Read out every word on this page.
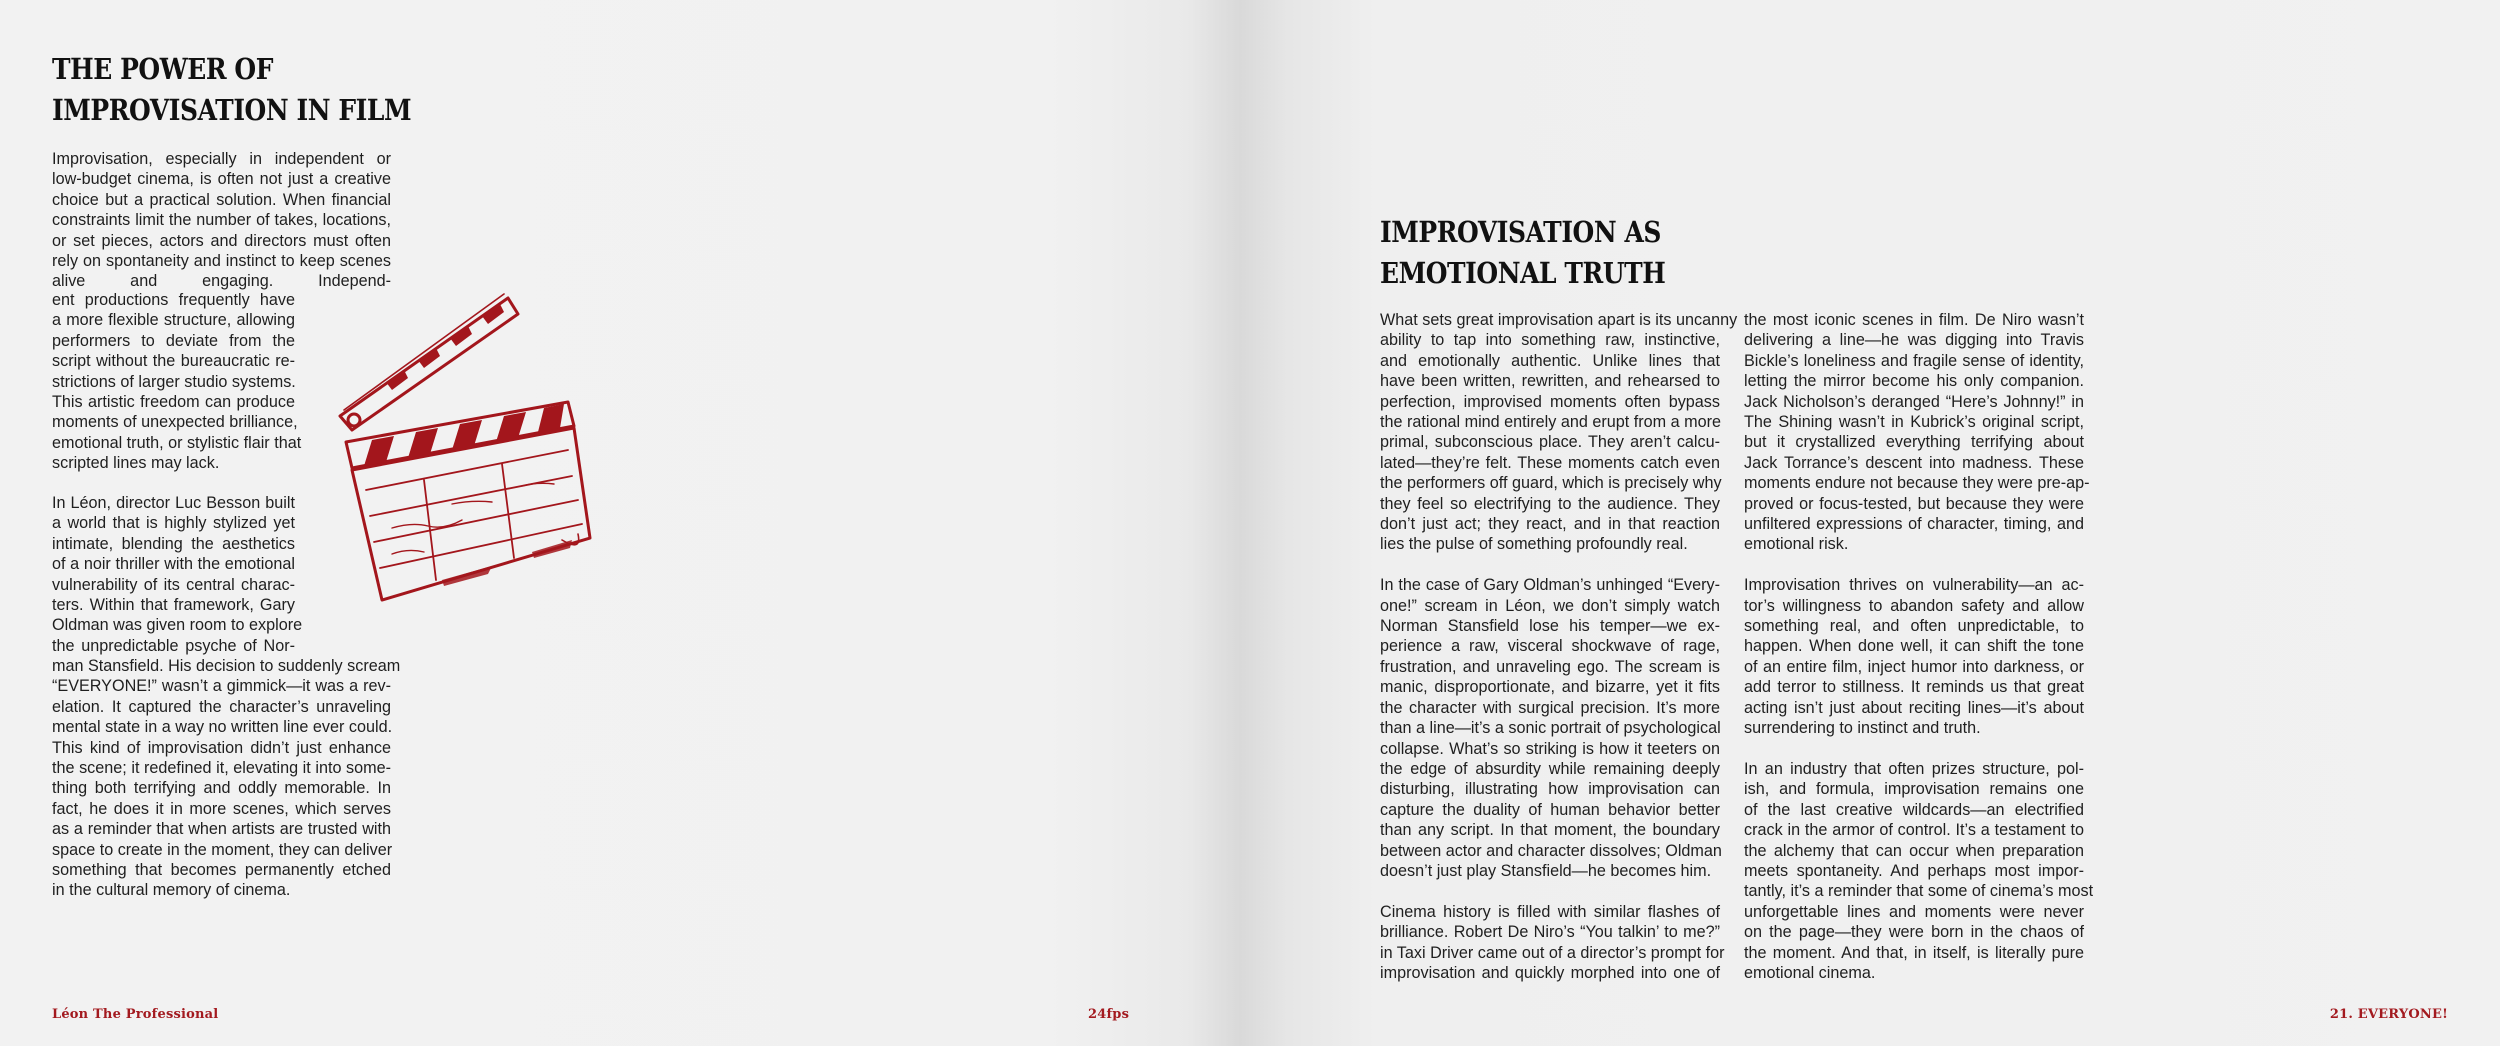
THE POWER OF
IMPROVISATION IN FILM
Improvisation, especially in independent or
low-budget cinema, is often not just a creative
choice but a practical solution. When financial
constraints limit the number of takes, locations,
or set pieces, actors and directors must often
rely on spontaneity and instinct to keep scenes
alive and engaging. Independ-
ent productions frequently have
a more flexible structure, allowing
performers to deviate from the
script without the bureaucratic re-
strictions of larger studio systems.
This artistic freedom can produce
moments of unexpected brilliance,
emotional truth, or stylistic flair that
scripted lines may lack.
In Léon, director Luc Besson built
a world that is highly stylized yet
intimate, blending the aesthetics
of a noir thriller with the emotional
vulnerability of its central charac-
ters. Within that framework, Gary
Oldman was given room to explore
the unpredictable psyche of Nor-
man Stansfield. His decision to suddenly scream
“EVERYONE!” wasn’t a gimmick—it was a rev-
elation. It captured the character’s unraveling
mental state in a way no written line ever could.
This kind of improvisation didn’t just enhance
the scene; it redefined it, elevating it into some-
thing both terrifying and oddly memorable. In
fact, he does it in more scenes, which serves
as a reminder that when artists are trusted with
space to create in the moment, they can deliver
something that becomes permanently etched
in the cultural memory of cinema.
Léon The Professional	24fps
IMPROVISATION AS
EMOTIONAL TRUTH
What sets great improvisation apart is its uncanny
ability to tap into something raw, instinctive,
and emotionally authentic. Unlike lines that
have been written, rewritten, and rehearsed to
perfection, improvised moments often bypass
the rational mind entirely and erupt from a more
primal, subconscious place. They aren’t calcu-
lated—they’re felt. These moments catch even
the performers off guard, which is precisely why
they feel so electrifying to the audience. They
don’t just act; they react, and in that reaction
lies the pulse of something profoundly real.
In the case of Gary Oldman’s unhinged “Every-
one!” scream in Léon, we don’t simply watch
Norman Stansfield lose his temper—we ex-
perience a raw, visceral shockwave of rage,
frustration, and unraveling ego. The scream is
manic, disproportionate, and bizarre, yet it fits
the character with surgical precision. It’s more
than a line—it’s a sonic portrait of psychological
collapse. What’s so striking is how it teeters on
the edge of absurdity while remaining deeply
disturbing, illustrating how improvisation can
capture the duality of human behavior better
than any script. In that moment, the boundary
between actor and character dissolves; Oldman
doesn’t just play Stansfield—he becomes him.
Cinema history is filled with similar flashes of
brilliance. Robert De Niro’s “You talkin’ to me?”
in Taxi Driver came out of a director’s prompt for
improvisation and quickly morphed into one of
the most iconic scenes in film. De Niro wasn’t
delivering a line—he was digging into Travis
Bickle’s loneliness and fragile sense of identity,
letting the mirror become his only companion.
Jack Nicholson’s deranged “Here’s Johnny!” in
The Shining wasn’t in Kubrick’s original script,
but it crystallized everything terrifying about
Jack Torrance’s descent into madness. These
moments endure not because they were pre-ap-
proved or focus-tested, but because they were
unfiltered expressions of character, timing, and
emotional risk.
Improvisation thrives on vulnerability—an ac-
tor’s willingness to abandon safety and allow
something real, and often unpredictable, to
happen. When done well, it can shift the tone
of an entire film, inject humor into darkness, or
add terror to stillness. It reminds us that great
acting isn’t just about reciting lines—it’s about
surrendering to instinct and truth.
In an industry that often prizes structure, pol-
ish, and formula, improvisation remains one
of the last creative wildcards—an electrified
crack in the armor of control. It’s a testament to
the alchemy that can occur when preparation
meets spontaneity. And perhaps most impor-
tantly, it’s a reminder that some of cinema’s most
unforgettable lines and moments were never
on the page—they were born in the chaos of
the moment. And that, in itself, is literally pure
emotional cinema.
21. EVERYONE!
